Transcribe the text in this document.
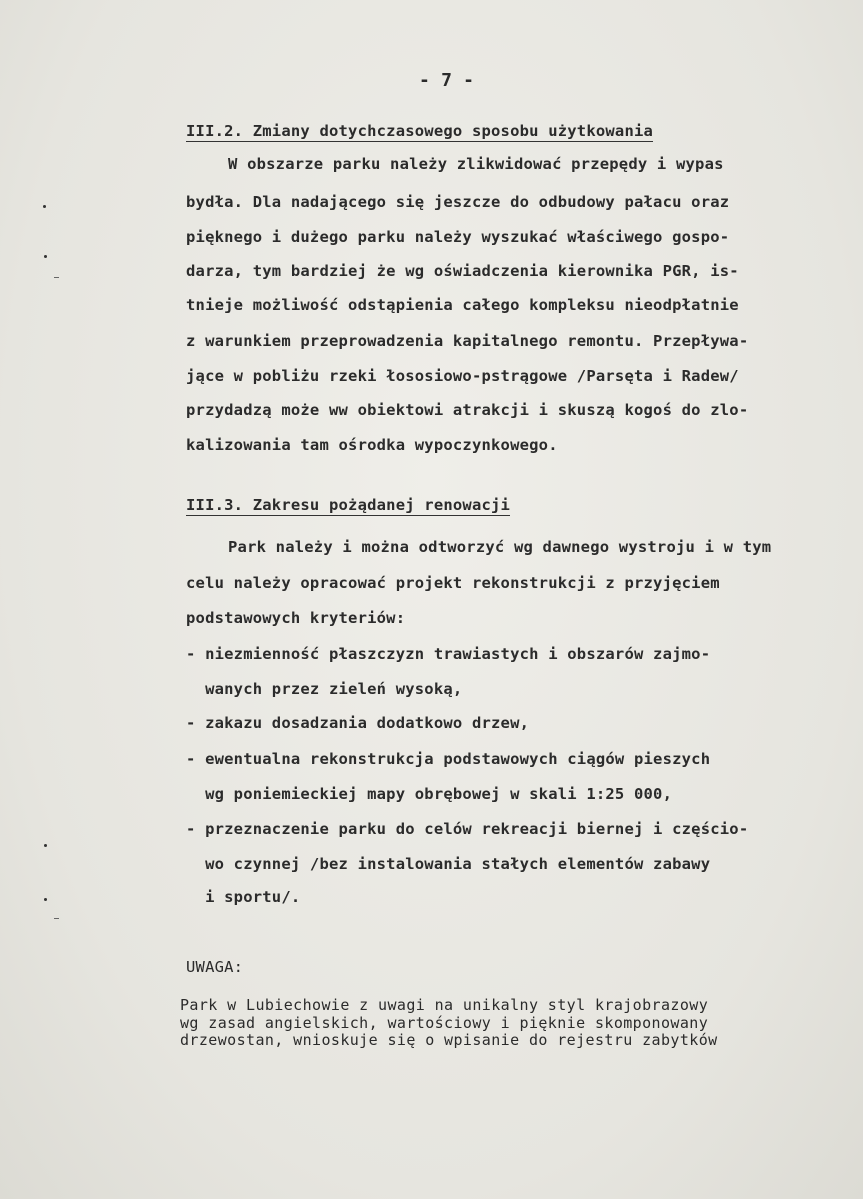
- 7 -
III.2. Zmiany dotychczasowego sposobu użytkowania
W obszarze parku należy zlikwidować przepędy i wypas
bydła. Dla nadającego się jeszcze do odbudowy pałacu oraz
pięknego i dużego parku należy wyszukać właściwego gospo-
darza, tym bardziej że wg oświadczenia kierownika PGR, is-
tnieje możliwość odstąpienia całego kompleksu nieodpłatnie
z warunkiem przeprowadzenia kapitalnego remontu. Przepływa-
jące w pobliżu rzeki łososiowo-pstrągowe /Parsęta i Radew/
przydadzą może ww obiektowi atrakcji i skuszą kogoś do zlo-
kalizowania tam ośrodka wypoczynkowego.
III.3. Zakresu pożądanej renowacji
Park należy i można odtworzyć wg dawnego wystroju i w tym
celu należy opracować projekt rekonstrukcji z przyjęciem
podstawowych kryteriów:
- niezmienność płaszczyzn trawiastych i obszarów zajmo-
wanych przez zieleń wysoką,
- zakazu dosadzania dodatkowo drzew,
- ewentualna rekonstrukcja podstawowych ciągów pieszych
wg poniemieckiej mapy obrębowej w skali 1:25 000,
- przeznaczenie parku do celów rekreacji biernej i częścio-
wo czynnej /bez instalowania stałych elementów zabawy
i sportu/.
UWAGA:
Park w Lubiechowie z uwagi na unikalny styl krajobrazowy
wg zasad angielskich, wartościowy i pięknie skomponowany
drzewostan, wnioskuje się o wpisanie do rejestru zabytków
